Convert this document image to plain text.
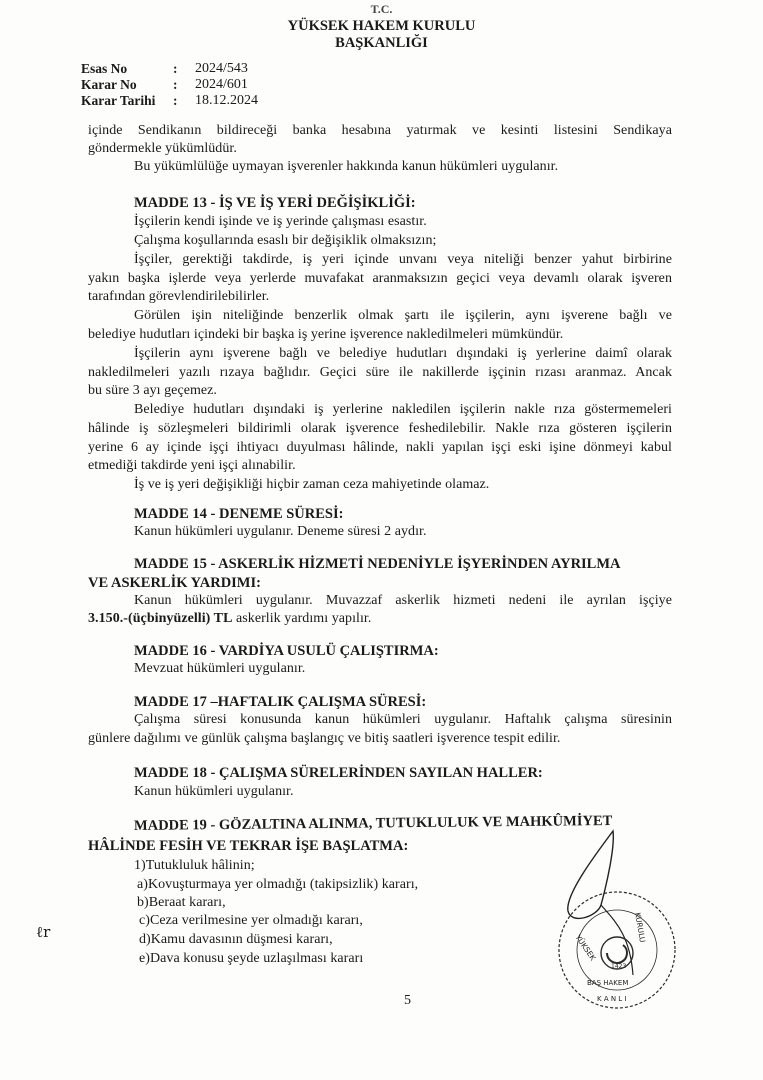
T.C.
YÜKSEK HAKEM KURULU
BAŞKANLIĞI
Esas No	: 2024/543
Karar No	: 2024/601
Karar Tarihi : 18.12.2024
içinde Sendikanın bildireceği banka hesabına yatırmak ve kesinti listesini Sendikaya
göndermekle yükümlüdür.
Bu yükümlülüğe uymayan işverenler hakkında kanun hükümleri uygulanır.
MADDE 13 - İŞ VE İŞ YERİ DEĞİŞİKLİĞİ:
İşçilerin kendi işinde ve iş yerinde çalışması esastır.
Çalışma koşullarında esaslı bir değişiklik olmaksızın;
İşçiler, gerektiği takdirde, iş yeri içinde unvanı veya niteliği benzer yahut birbirine
yakın başka işlerde veya yerlerde muvafakat aranmaksızın geçici veya devamlı olarak işveren
tarafından görevlendirilebilirler.
Görülen işin niteliğinde benzerlik olmak şartı ile işçilerin, aynı işverene bağlı ve
belediye hudutları içindeki bir başka iş yerine işverence nakledilmeleri mümkündür.
İşçilerin aynı işverene bağlı ve belediye hudutları dışındaki iş yerlerine daimî olarak
nakledilmeleri yazılı rızaya bağlıdır. Geçici süre ile nakillerde işçinin rızası aranmaz. Ancak
bu süre 3 ayı geçemez.
Belediye hudutları dışındaki iş yerlerine nakledilen işçilerin nakle rıza göstermemeleri
hâlinde iş sözleşmeleri bildirimli olarak işverence feshedilebilir. Nakle rıza gösteren işçilerin
yerine 6 ay içinde işçi ihtiyacı duyulması hâlinde, nakli yapılan işçi eski işine dönmeyi kabul
etmediği takdirde yeni işçi alınabilir.
İş ve iş yeri değişikliği hiçbir zaman ceza mahiyetinde olamaz.
MADDE 14 - DENEME SÜRESİ:
Kanun hükümleri uygulanır. Deneme süresi 2 aydır.
MADDE 15 - ASKERLİK HİZMETİ NEDENİYLE İŞYERİNDEN AYRILMA
VE ASKERLİK YARDIMI:
Kanun hükümleri uygulanır. Muvazzaf askerlik hizmeti nedeni ile ayrılan işçiye
3.150.-(üçbinyüzelli) TL askerlik yardımı yapılır.
MADDE 16 - VARDİYA USULÜ ÇALIŞTIRMA:
Mevzuat hükümleri uygulanır.
MADDE 17 –HAFTALIK ÇALIŞMA SÜRESİ:
Çalışma süresi konusunda kanun hükümleri uygulanır. Haftalık çalışma süresinin
günlere dağılımı ve günlük çalışma başlangıç ve bitiş saatleri işverence tespit edilir.
MADDE 18 - ÇALIŞMA SÜRELERİNDEN SAYILAN HALLER:
Kanun hükümleri uygulanır.
MADDE 19 - GÖZALTINA ALINMA, TUTUKLULUK VE MAHKÛMİYET
HÂLİNDE FESİH VE TEKRAR İŞE BAŞLATMA:
1)Tutukluluk hâlinin;
a)Kovuşturmaya yer olmadığı (takipsizlik) kararı,
b)Beraat kararı,
c)Ceza verilmesine yer olmadığı kararı,
d)Kamu davasının düşmesi kararı,
e)Dava konusu şeyde uzlaşılması kararı
5
ℓr
YÜKSEK
KURULU
BAŞ HAKEM
K A N L I
1423
